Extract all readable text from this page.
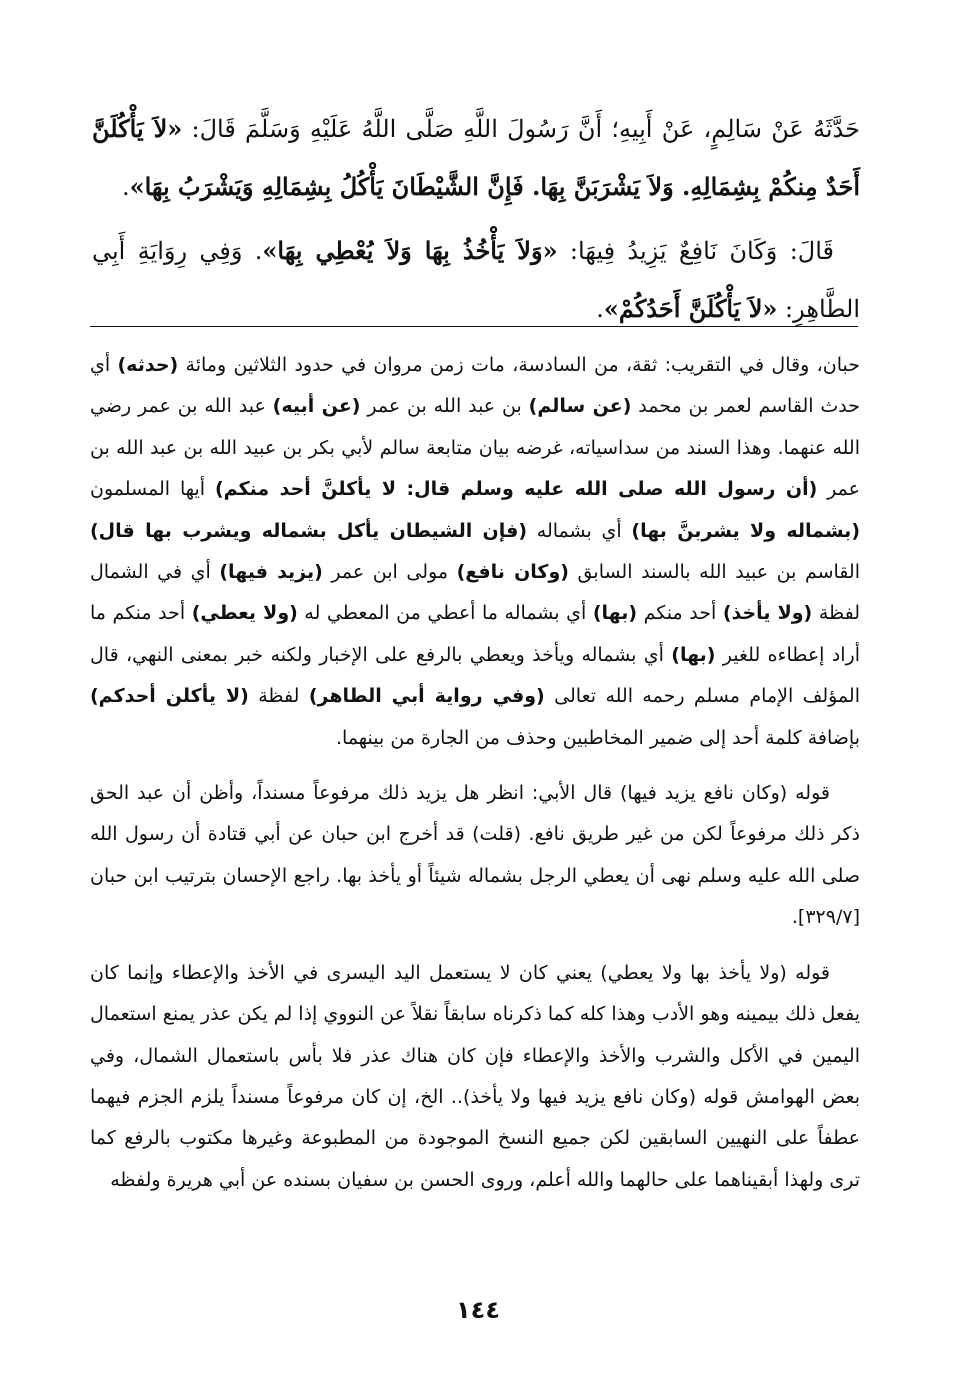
حَدَّثَهُ عَنْ سَالِمٍ، عَنْ أَبِيهِ؛ أَنَّ رَسُولَ اللَّهِ صَلَّى اللَّهُ عَلَيْهِ وَسَلَّمَ قَالَ: «لاَ يَأْكُلَنَّ أَحَدٌ مِنكُمْ بِشِمَالِهِ. وَلاَ يَشْرَبَنَّ بِهَا. فَإِنَّ الشَّيْطَانَ يَأْكُلُ بِشِمَالِهِ وَيَشْرَبُ بِهَا».

قَالَ: وَكَانَ نَافِعٌ يَزِيدُ فِيهَا: «وَلاَ يَأْخُذُ بِهَا وَلاَ يُعْطِي بِهَا». وَفِي رِوَايَةِ أَبِي الطَّاهِرِ: «لاَ يَأْكُلَنَّ أَحَدُكُمْ».

حبان، وقال في التقريب: ثقة، من السادسة، مات زمن مروان في حدود الثلاثين ومائة (حدثه) أي حدث القاسم لعمر بن محمد (عن سالم) بن عبد الله بن عمر (عن أبيه) عبد الله بن عمر رضي الله عنهما. وهذا السند من سداسياته، غرضه بيان متابعة سالم لأبي بكر بن عبيد الله بن عبد الله بن عمر (أن رسول الله صلى الله عليه وسلم قال: لا يأكلنَّ أحد منكم) أيها المسلمون (بشماله ولا يشربنَّ بها) أي بشماله (فإن الشيطان يأكل بشماله ويشرب بها قال) القاسم بن عبيد الله بالسند السابق (وكان نافع) مولى ابن عمر (يزيد فيها) أي في الشمال لفظة (ولا يأخذ) أحد منكم (بها) أي بشماله ما أعطي من المعطي له (ولا يعطي) أحد منكم ما أراد إعطاءه للغير (بها) أي بشماله ويأخذ ويعطي بالرفع على الإخبار ولكنه خبر بمعنى النهي، قال المؤلف الإمام مسلم رحمه الله تعالى (وفي رواية أبي الطاهر) لفظة (لا يأكلن أحدكم) بإضافة كلمة أحد إلى ضمير المخاطبين وحذف من الجارة من بينهما.

قوله (وكان نافع يزيد فيها) قال الأبي: انظر هل يزيد ذلك مرفوعاً مسنداً، وأظن أن عبد الحق ذكر ذلك مرفوعاً لكن من غير طريق نافع. (قلت) قد أخرج ابن حبان عن أبي قتادة أن رسول الله صلى الله عليه وسلم نهى أن يعطي الرجل بشماله شيئاً أو يأخذ بها. راجع الإحسان بترتيب ابن حبان [٣٢٩/٧].

قوله (ولا يأخذ بها ولا يعطي) يعني كان لا يستعمل اليد اليسرى في الأخذ والإعطاء وإنما كان يفعل ذلك بيمينه وهو الأدب وهذا كله كما ذكرناه سابقاً نقلاً عن النووي إذا لم يكن عذر يمنع استعمال اليمين في الأكل والشرب والأخذ والإعطاء فإن كان هناك عذر فلا بأس باستعمال الشمال، وفي بعض الهوامش قوله (وكان نافع يزيد فيها ولا يأخذ).. الخ، إن كان مرفوعاً مسنداً يلزم الجزم فيهما عطفاً على النهيين السابقين لكن جميع النسخ الموجودة من المطبوعة وغيرها مكتوب بالرفع كما ترى ولهذا أبقيناهما على حالهما والله أعلم، وروى الحسن بن سفيان بسنده عن أبي هريرة ولفظه

١٤٤
